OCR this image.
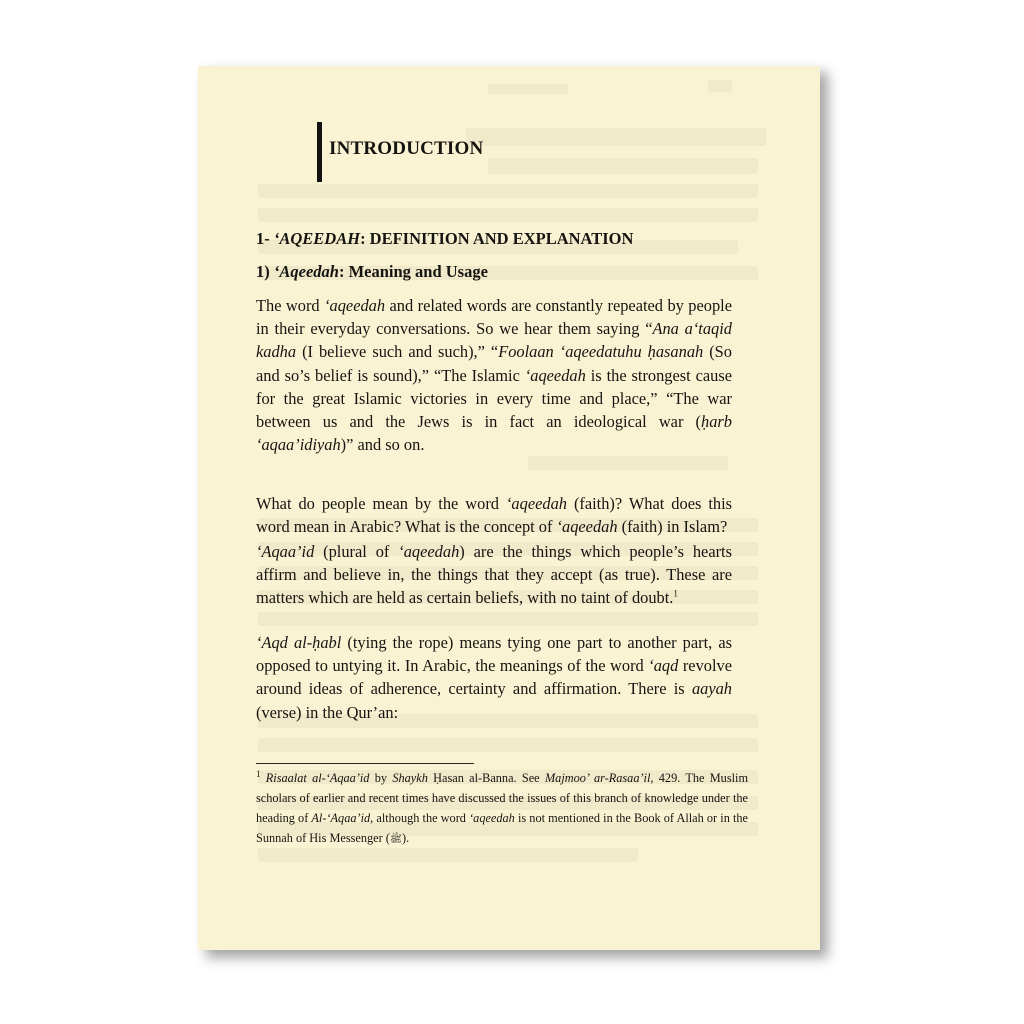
INTRODUCTION
1- ‘AQEEDAH: DEFINITION AND EXPLANATION
1) ‘Aqeedah: Meaning and Usage

The word ‘aqeedah and related words are constantly repeated by people in their everyday conversations. So we hear them saying “Ana a‘taqid kadha (I believe such and such),” “Foolaan ‘aqeedatuhu ḥasanah (So and so’s belief is sound),” “The Islamic ‘aqeedah is the strongest cause for the great Islamic victories in every time and place,” “The war between us and the Jews is in fact an ideological war (ḥarb ‘aqaa’idiyah)” and so on.

What do people mean by the word ‘aqeedah (faith)? What does this word mean in Arabic? What is the concept of ‘aqeedah (faith) in Islam?

‘Aqaa’id (plural of ‘aqeedah) are the things which people’s hearts affirm and believe in, the things that they accept (as true). These are matters which are held as certain beliefs, with no taint of doubt.$^1$

‘Aqd al-ḥabl (tying the rope) means tying one part to another part, as opposed to untying it. In Arabic, the meanings of the word ‘aqd revolve around ideas of adherence, certainty and affirmation. There is aayah (verse) in the Qur’an:

$^1$ Risaalat al-‘Aqaa’id by Shaykh Ḥasan al-Banna. See Majmoo’ ar-Rasaa’il, 429. The Muslim scholars of earlier and recent times have discussed the issues of this branch of knowledge under the heading of Al-‘Aqaa’id, although the word ‘aqeedah is not mentioned in the Book of Allah or in the Sunnah of His Messenger (ﷺ).
